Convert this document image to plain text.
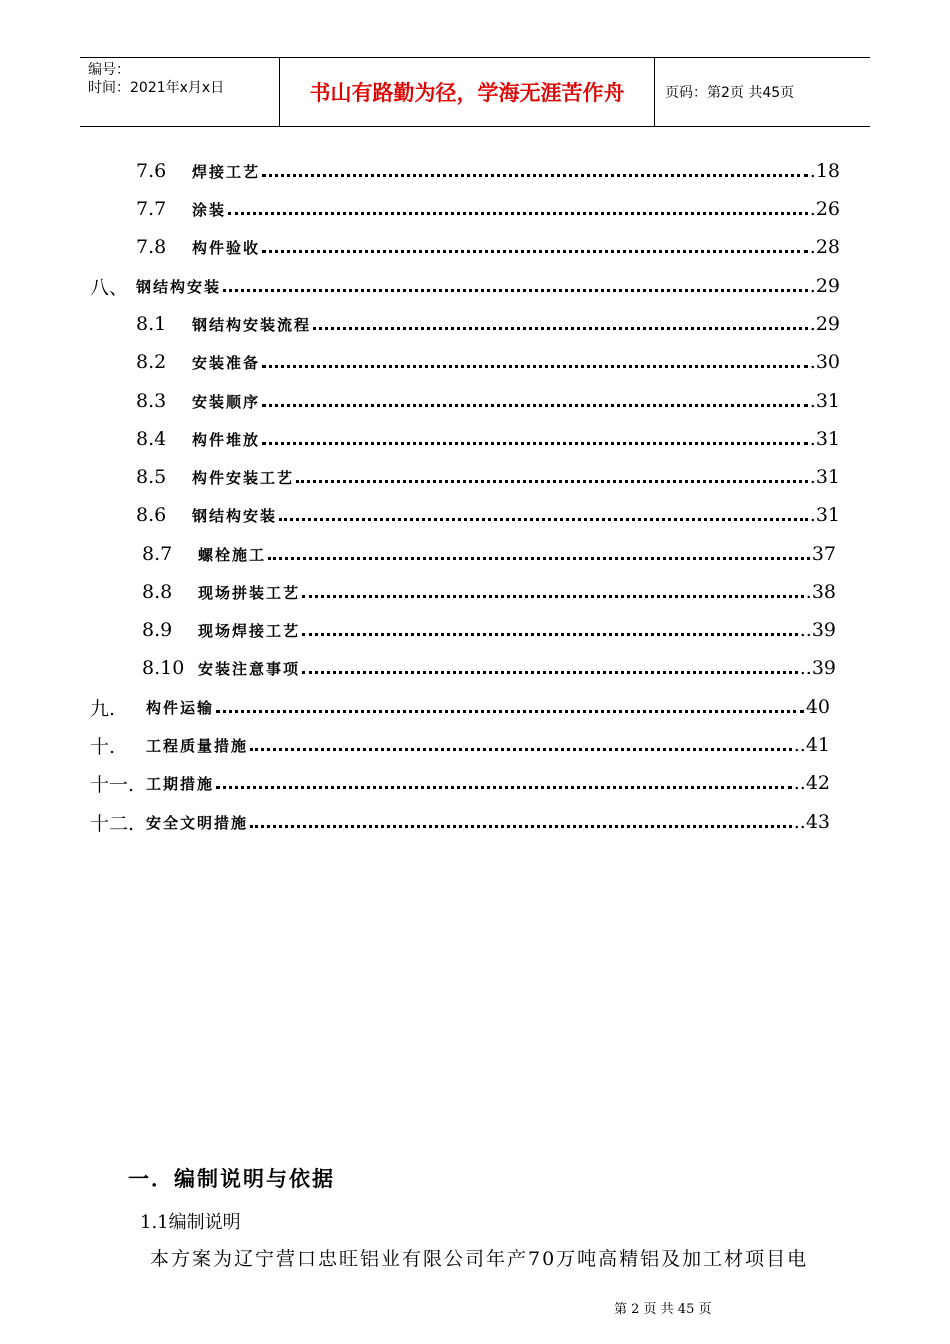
编号：
时间：2021年x月x日	书山有路勤为径，学海无涯苦作舟	页码：第2页 共45页
7.6	焊接工艺	.18
7.7	涂装	.26
7.8	构件验收	.28
八、 钢结构安装	.29
8.1	钢结构安装流程	.29
8.2	安装准备	.30
8.3	安装顺序	.31
8.4	构件堆放	.31
8.5	构件安装工艺	.31
8.6	钢结构安装	.31
8.7	螺栓施工	37
8.8	现场拼装工艺	.38
8.9	现场焊接工艺	..39
8.10 安装注意事项	..39
九.	构件运输	40
十.	工程质量措施	..41
十一. 工期措施	..42
十二. 安全文明措施	..43
一．编制说明与依据
1.1编制说明
本方案为辽宁营口忠旺铝业有限公司年产70万吨高精铝及加工材项目电
第 2 页 共 45 页
